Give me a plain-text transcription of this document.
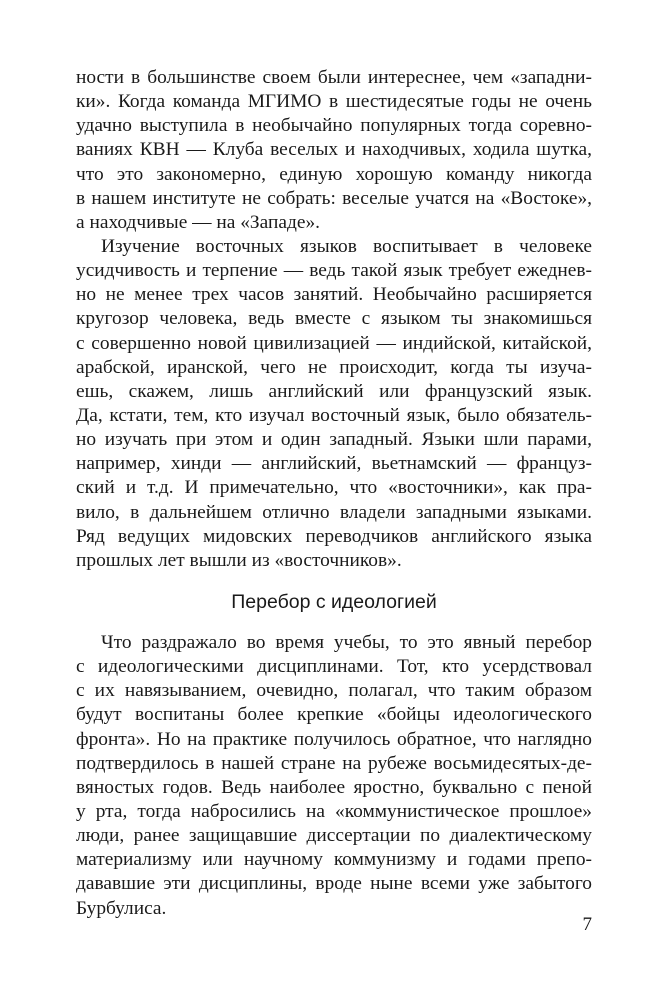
ности в большинстве своем были интереснее, чем «западни-
ки». Когда команда МГИМО в шестидесятые годы не очень
удачно выступила в необычайно популярных тогда соревно-
ваниях КВН — Клуба веселых и находчивых, ходила шутка,
что это закономерно, единую хорошую команду никогда
в нашем институте не собрать: веселые учатся на «Востоке»,
а находчивые — на «Западе».
Изучение восточных языков воспитывает в человеке
усидчивость и терпение — ведь такой язык требует ежеднев-
но не менее трех часов занятий. Необычайно расширяется
кругозор человека, ведь вместе с языком ты знакомишься
с совершенно новой цивилизацией — индийской, китайской,
арабской, иранской, чего не происходит, когда ты изуча-
ешь, скажем, лишь английский или французский язык.
Да, кстати, тем, кто изучал восточный язык, было обязатель-
но изучать при этом и один западный. Языки шли парами,
например, хинди — английский, вьетнамский — француз-
ский и т.д. И примечательно, что «восточники», как пра-
вило, в дальнейшем отлично владели западными языками.
Ряд ведущих мидовских переводчиков английского языка
прошлых лет вышли из «восточников».
Перебор с идеологией
Что раздражало во время учебы, то это явный перебор
с идеологическими дисциплинами. Тот, кто усердствовал
с их навязыванием, очевидно, полагал, что таким образом
будут воспитаны более крепкие «бойцы идеологического
фронта». Но на практике получилось обратное, что наглядно
подтвердилось в нашей стране на рубеже восьмидесятых-де-
вяностых годов. Ведь наиболее яростно, буквально с пеной
у рта, тогда набросились на «коммунистическое прошлое»
люди, ранее защищавшие диссертации по диалектическому
материализму или научному коммунизму и годами препо-
дававшие эти дисциплины, вроде ныне всеми уже забытого
Бурбулиса.
7
